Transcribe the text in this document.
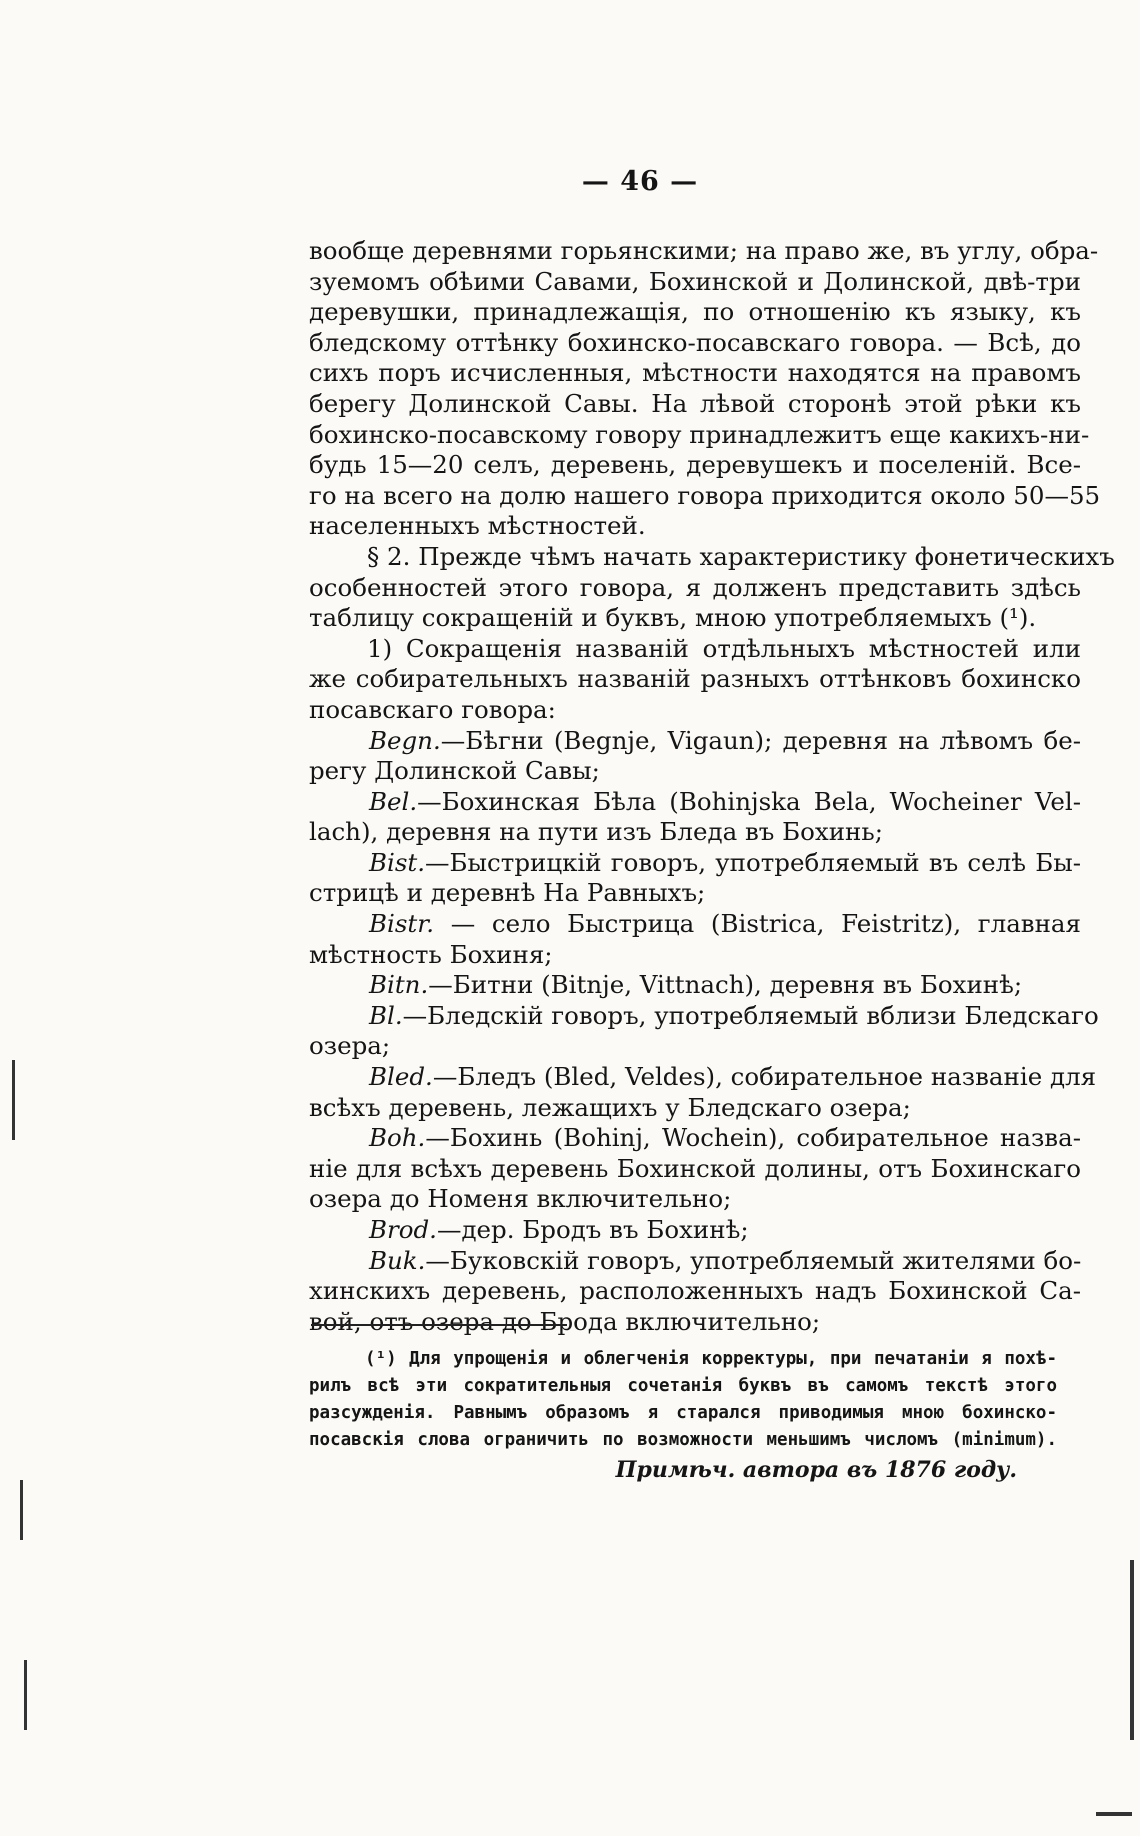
— 46 —
вообще деревнями горьянскими; на право же, въ углу, обра-
зуемомъ обѣими Савами, Бохинской и Долинской, двѣ-три
деревушки, принадлежащія, по отношенію къ языку, къ
бледскому оттѣнку бохинско-посавскаго говора. — Всѣ, до
сихъ поръ исчисленныя, мѣстности находятся на правомъ
берегу Долинской Савы. На лѣвой сторонѣ этой рѣки къ
бохинско-посавскому говору принадлежитъ еще какихъ-ни-
будь 15—20 селъ, деревень, деревушекъ и поселеній. Все-
го на всего на долю нашего говора приходится около 50—55
населенныхъ мѣстностей.
§ 2. Прежде чѣмъ начать характеристику фонетическихъ
особенностей этого говора, я долженъ представить здѣсь
таблицу сокращеній и буквъ, мною употребляемыхъ (¹).
1) Сокращенія названій отдѣльныхъ мѣстностей или
же собирательныхъ названій разныхъ оттѣнковъ бохинско
посавскаго говора:
Begn.—Бѣгни (Begnje, Vigaun); деревня на лѣвомъ бе-
регу Долинской Савы;
Bel.—Бохинская Бѣла (Bohinjska Bela, Wocheiner Vel-
lach), деревня на пути изъ Бледа въ Бохинь;
Bist.—Быстрицкій говоръ, употребляемый въ селѣ Бы-
стрицѣ и деревнѣ На Равныхъ;
Bistr. — село Быстрица (Bistrica, Feistritz), главная
мѣстность Бохиня;
Bitn.—Битни (Bitnje, Vittnach), деревня въ Бохинѣ;
Bl.—Бледскій говоръ, употребляемый вблизи Бледскаго
озера;
Bled.—Бледъ (Bled, Veldes), собирательное названіе для
всѣхъ деревень, лежащихъ у Бледскаго озера;
Boh.—Бохинь (Bohinj, Wochein), собирательное назва-
ніе для всѣхъ деревень Бохинской долины, отъ Бохинскаго
озера до Номеня включительно;
Brod.—дер. Бродъ въ Бохинѣ;
Buk.—Буковскій говоръ, употребляемый жителями бо-
хинскихъ деревень, расположенныхъ надъ Бохинской Са-
вой, отъ озера до Брода включительно;
(¹) Для упрощенія и облегченія корректуры, при печатаніи я похѣ-
рилъ всѣ эти сократительныя сочетанія буквъ въ самомъ текстѣ этого
разсужденія. Равнымъ образомъ я старался приводимыя мною бохинско-
посавскія слова ограничить по возможности меньшимъ числомъ (minimum).
Примѣч. автора въ 1876 году.
